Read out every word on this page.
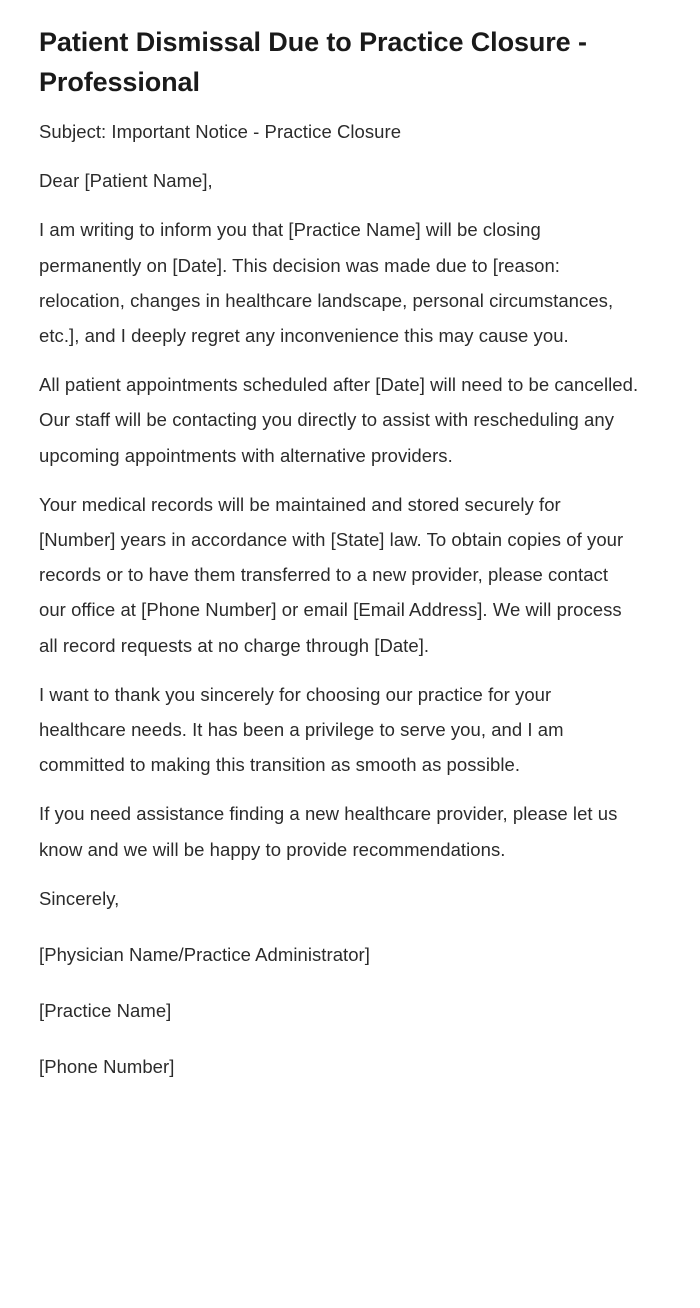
Patient Dismissal Due to Practice Closure - Professional

Subject: Important Notice - Practice Closure

Dear [Patient Name],

I am writing to inform you that [Practice Name] will be closing permanently on [Date]. This decision was made due to [reason: relocation, changes in healthcare landscape, personal circumstances, etc.], and I deeply regret any inconvenience this may cause you.

All patient appointments scheduled after [Date] will need to be cancelled. Our staff will be contacting you directly to assist with rescheduling any upcoming appointments with alternative providers.

Your medical records will be maintained and stored securely for [Number] years in accordance with [State] law. To obtain copies of your records or to have them transferred to a new provider, please contact our office at [Phone Number] or email [Email Address]. We will process all record requests at no charge through [Date].

I want to thank you sincerely for choosing our practice for your healthcare needs. It has been a privilege to serve you, and I am committed to making this transition as smooth as possible.

If you need assistance finding a new healthcare provider, please let us know and we will be happy to provide recommendations.

Sincerely,

[Physician Name/Practice Administrator]

[Practice Name]

[Phone Number]
